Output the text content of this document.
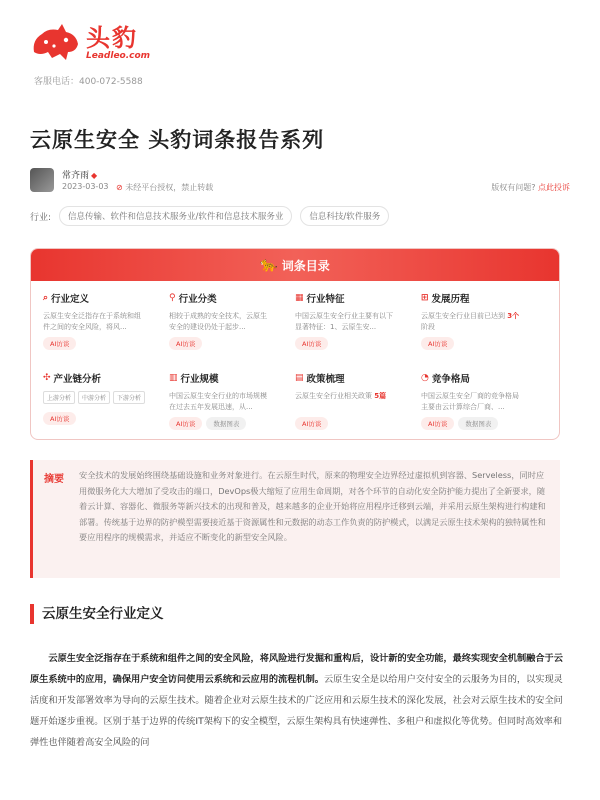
头豹
Leadleo.com
客服电话：400-072-5588
云原生安全 头豹词条报告系列
常齐雨 ◆
2023-03-03 ⊘ 未经平台授权，禁止转载	版权有问题? 点此投诉
行业:	信息传输、软件和信息技术服务业/软件和信息技术服务业	信息科技/软件服务
🐆 词条目录
⌕ 行业定义
云原生安全泛指存在于系统和组件之间的安全风险，将风...
AI访谈
⚲ 行业分类
相较于成熟的安全技术，云原生安全的建设仍处于起步...
AI访谈
▦ 行业特征
中国云原生安全行业主要有以下显著特征：1、云原生安...
AI访谈
⊞ 发展历程
云原生安全行业目前已达到 3个阶段
AI访谈
✣ 产业链分析
上游分析	中游分析	下游分析
AI访谈
▥ 行业规模
中国云原生安全行业的市场规模在过去五年发展迅速，从...
AI访谈	数据图表
▤ 政策梳理
云原生安全行业相关政策 5篇
AI访谈
◔ 竞争格局
中国云原生安全厂商的竞争格局主要由云计算综合厂商、...
AI访谈	数据图表
摘要 安全技术的发展始终围绕基础设施和业务对象进行。在云原生时代，原来的物理安全边界经过虚拟机到容器、Serveless，同时应用微服务化大大增加了受攻击的端口，DevOps极大缩短了应用生命周期，对各个环节的自动化安全防护能力提出了全新要求，随着云计算、容器化、微服务等新兴技术的出现和普及，越来越多的企业开始将应用程序迁移到云端，并采用云原生架构进行构建和部署。传统基于边界的防护模型需要接近基于资源属性和元数据的动态工作负责的防护模式，以满足云原生技术架构的独特属性和要应用程序的规模需求，并适应不断变化的新型安全风险。
云原生安全行业定义
云原生安全泛指存在于系统和组件之间的安全风险，将风险进行发掘和重构后，设计新的安全功能，最终实现安全机制融合于云原生系统中的应用，确保用户安全访问使用云系统和云应用的流程机制。云原生安全是以给用户交付安全的云服务为目的，以实现灵活度和开发部署效率为导向的云原生技术。随着企业对云原生技术的广泛应用和云原生技术的深化发展，社会对云原生技术的安全问题开始逐步重视。区别于基于边界的传统IT架构下的安全模型，云原生架构具有快速弹性、多租户和虚拟化等优势。但同时高效率和弹性也伴随着高安全风险的问
